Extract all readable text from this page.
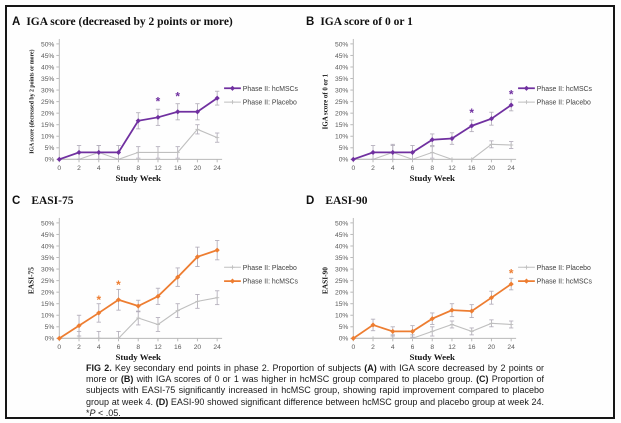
A IGA score (decreased by 2 points or more)
0%
5%
10%
15%
20%
25%
30%
35%
40%
45%
50%
0 2 4 6 8 12 16 20 24
Study Week
IGA score (decreased by 2 points or more)	* *
Phase II: hcMSCs
Phase II: Placebo
B IGA score of 0 or 1
0%
5%
10%
15%
20%
25%
30%
35%
40%
45%
50%
0 2 4 6 8 12 16 20 24
Study Week
IGA score of 0 or 1	*
*	Phase II: hcMSCs
Phase II: Placebo
C EASI-75
0%
5%
10%
15%
20%
25%
30%
35%
40%
45%
50%
0 2 4 6 8 12 16 20 24
Study Week
EASI-75
*
*
Phase II: Placebo
Phase II: hcMSCs
D EASI-90
0%
5%
10%
15%
20%
25%
30%
35%
40%
45%
50%
0 2 4 6 8 12 16 20 24
Study Week
EASI-90	*	Phase II: Placebo
Phase II: hcMSCs
FIG 2. Key secondary end points in phase 2. Proportion of subjects (A) with IGA score decreased by 2 points or more or (B) with IGA scores of 0 or 1 was higher in hcMSC group compared to placebo group. (C) Proportion of subjects with EASI-75 significantly increased in hcMSC group, showing rapid improvement compared to placebo group at week 4. (D) EASI-90 showed significant difference between hcMSC group and placebo group at week 24. *P < .05.
